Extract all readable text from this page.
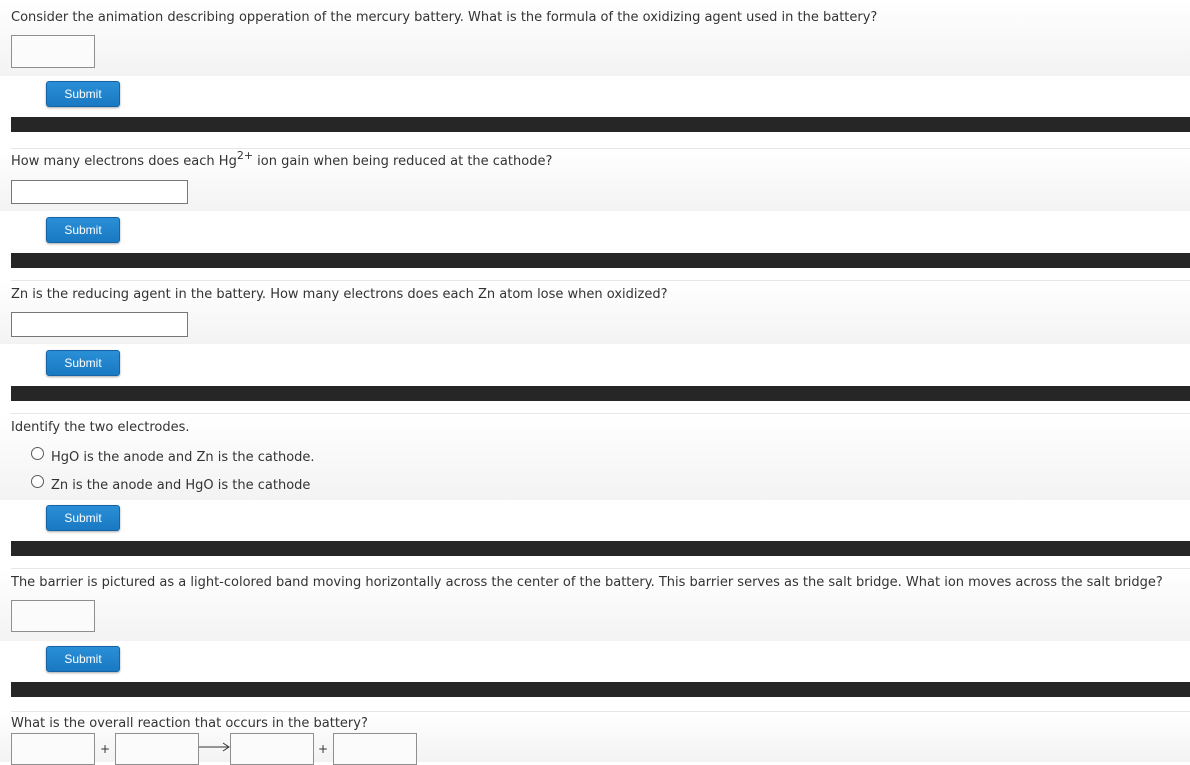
Consider the animation describing opperation of the mercury battery. What is the formula of the oxidizing agent used in the battery?
Submit
How many electrons does each $Hg^{2+}$ ion gain when being reduced at the cathode?
Submit
Zn is the reducing agent in the battery. How many electrons does each Zn atom lose when oxidized?
Submit
Identify the two electrodes.
HgO is the anode and Zn is the cathode.
Zn is the anode and HgO is the cathode
Submit
The barrier is pictured as a light-colored band moving horizontally across the center of the battery. This barrier serves as the salt bridge. What ion moves across the salt bridge?
Submit
What is the overall reaction that occurs in the battery?
+	+
